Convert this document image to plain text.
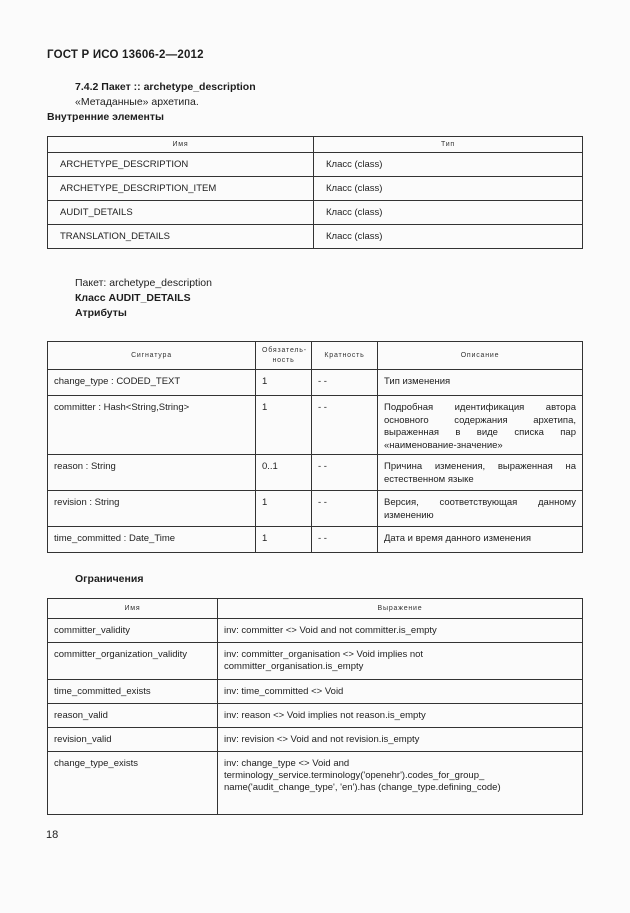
ГОСТ Р ИСО 13606-2—2012
7.4.2 Пакет :: archetype_description
«Метаданные» архетипа.
Внутренние элементы
Имя	Тип
ARCHETYPE_DESCRIPTION	Класс (class)
ARCHETYPE_DESCRIPTION_ITEM	Класс (class)
AUDIT_DETAILS	Класс (class)
TRANSLATION_DETAILS	Класс (class)
Пакет: archetype_description
Класс AUDIT_DETAILS
Атрибуты
Сигнатура	Обязатель-ность	Кратность	Описание
change_type : CODED_TEXT	1	- -	Тип изменения
committer : Hash<String,String>	1	- -	Подробная идентификация автора основного содержания архетипа, выраженная в виде списка пар «наименование-значение»
reason : String	0..1	- -	Причина изменения, выраженная на естественном языке
revision : String	1	- -	Версия, соответствующая данному изменению
time_committed : Date_Time	1	- -	Дата и время данного изменения
Ограничения
Имя	Выражение
committer_validity	inv: committer <> Void and not committer.is_empty
committer_organization_validity	inv: committer_organisation <> Void implies not committer_organisation.is_empty
time_committed_exists	inv: time_committed <> Void
reason_valid	inv: reason <> Void implies not reason.is_empty
revision_valid	inv: revision <> Void and not revision.is_empty
change_type_exists	inv: change_type <> Void and terminology_service.terminology('openehr').codes_for_group_ name('audit_change_type', 'en').has (change_type.defining_code)
18
